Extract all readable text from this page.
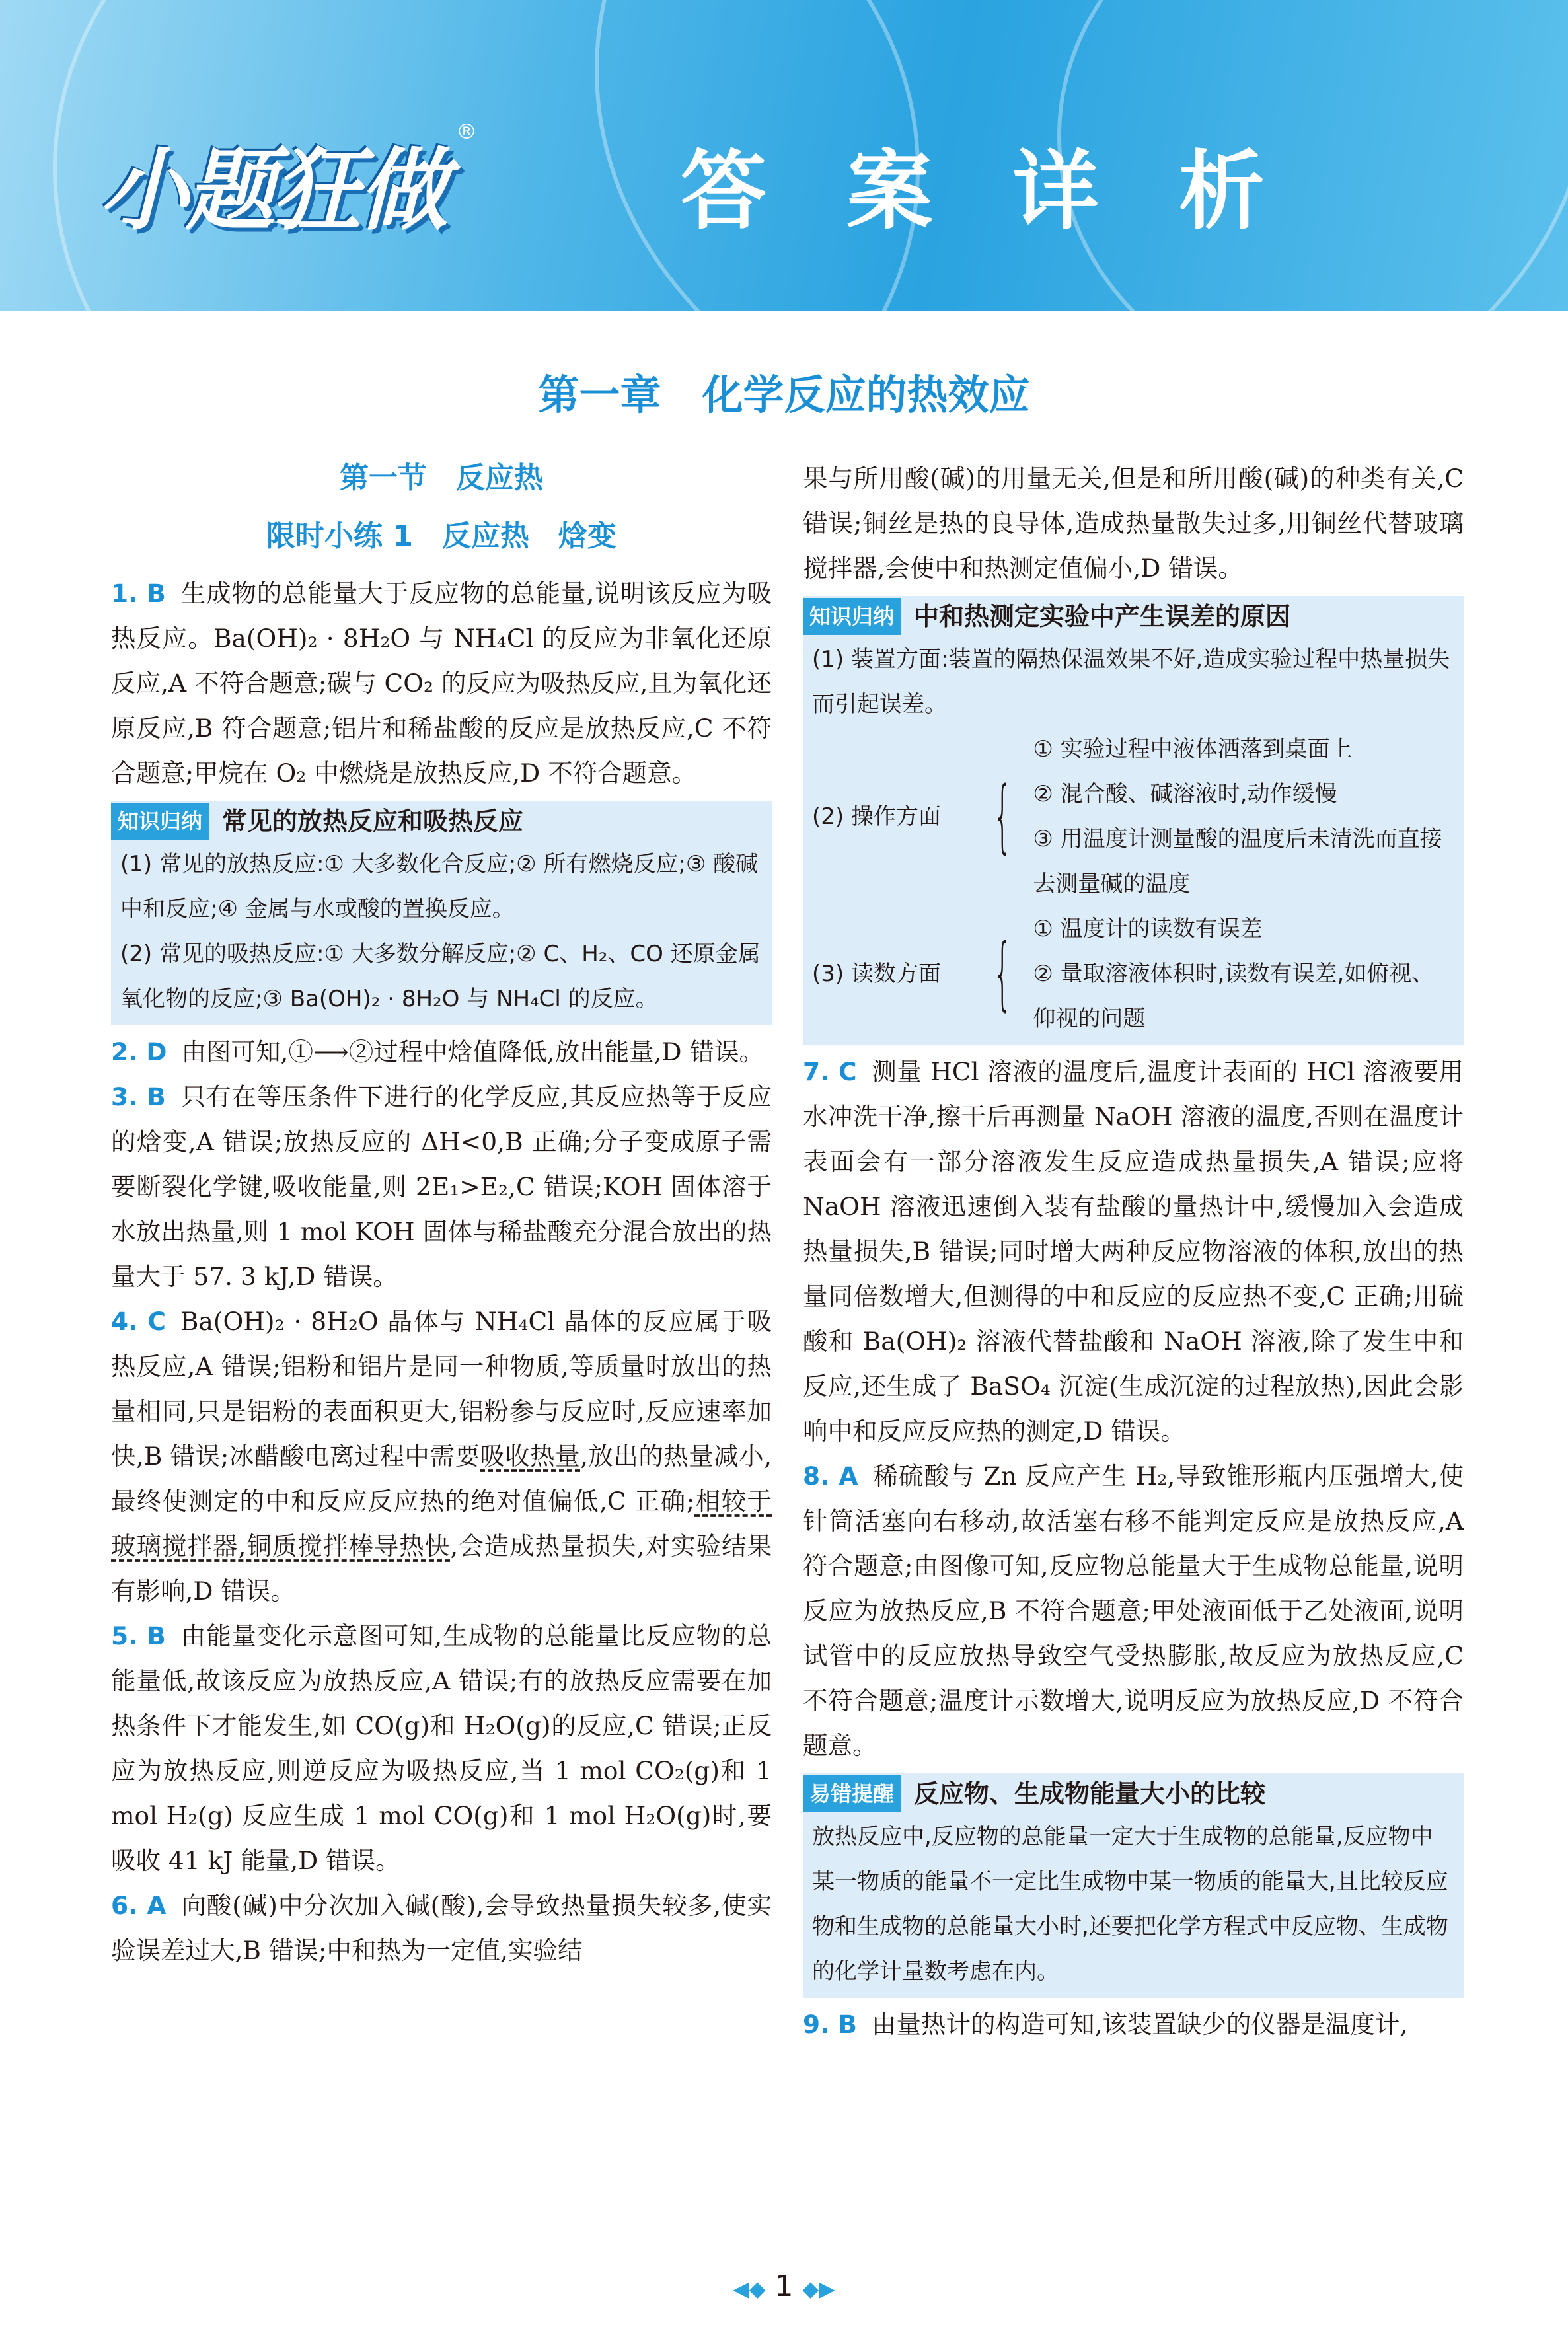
小题狂做
®
答 案 详 析
第一章　化学反应的热效应
第一节　反应热
限时小练 1　反应热　焓变

1. B 生成物的总能量大于反应物的总能量,说明该反应为吸热反应。Ba(OH)₂ · 8H₂O 与 NH₄Cl 的反应为非氧化还原反应,A 不符合题意;碳与 CO₂ 的反应为吸热反应,且为氧化还原反应,B 符合题意;铝片和稀盐酸的反应是放热反应,C 不符合题意;甲烷在 O₂ 中燃烧是放热反应,D 不符合题意。

知识归纳 常见的放热反应和吸热反应
(1) 常见的放热反应:① 大多数化合反应;② 所有燃烧反应;③ 酸碱中和反应;④ 金属与水或酸的置换反应。
(2) 常见的吸热反应:① 大多数分解反应;② C、H₂、CO 还原金属氧化物的反应;③ Ba(OH)₂ · 8H₂O 与 NH₄Cl 的反应。

2. D 由图可知,①⟶②过程中焓值降低,放出能量,D 错误。

3. B 只有在等压条件下进行的化学反应,其反应热等于反应的焓变,A 错误;放热反应的 ΔH<0,B 正确;分子变成原子需要断裂化学键,吸收能量,则 2E₁>E₂,C 错误;KOH 固体溶于水放出热量,则 1 mol KOH 固体与稀盐酸充分混合放出的热量大于 57. 3 kJ,D 错误。

4. C Ba(OH)₂ · 8H₂O 晶体与 NH₄Cl 晶体的反应属于吸热反应,A 错误;铝粉和铝片是同一种物质,等质量时放出的热量相同,只是铝粉的表面积更大,铝粉参与反应时,反应速率加快,B 错误;冰醋酸电离过程中需要吸收热量,放出的热量减小,最终使测定的中和反应反应热的绝对值偏低,C 正确;相较于玻璃搅拌器,铜质搅拌棒导热快,会造成热量损失,对实验结果有影响,D 错误。

5. B 由能量变化示意图可知,生成物的总能量比反应物的总能量低,故该反应为放热反应,A 错误;有的放热反应需要在加热条件下才能发生,如 CO(g)和 H₂O(g)的反应,C 错误;正反应为放热反应,则逆反应为吸热反应,当 1 mol CO₂(g)和 1 mol H₂(g) 反应生成 1 mol CO(g)和 1 mol H₂O(g)时,要吸收 41 kJ 能量,D 错误。

6. A 向酸(碱)中分次加入碱(酸),会导致热量损失较多,使实验误差过大,B 错误;中和热为一定值,实验结

果与所用酸(碱)的用量无关,但是和所用酸(碱)的种类有关,C 错误;铜丝是热的良导体,造成热量散失过多,用铜丝代替玻璃搅拌器,会使中和热测定值偏小,D 错误。

知识归纳 中和热测定实验中产生误差的原因
(1) 装置方面:装置的隔热保温效果不好,造成实验过程中热量损失而引起误差。
(2) 操作方面 {
① 实验过程中液体洒落到桌面上
② 混合酸、碱溶液时,动作缓慢
③ 用温度计测量酸的温度后未清洗而直接去测量碱的温度
(3) 读数方面 { ① 温度计的读数有误差
② 量取溶液体积时,读数有误差,如俯视、仰视的问题

7. C 测量 HCl 溶液的温度后,温度计表面的 HCl 溶液要用水冲洗干净,擦干后再测量 NaOH 溶液的温度,否则在温度计表面会有一部分溶液发生反应造成热量损失,A 错误;应将 NaOH 溶液迅速倒入装有盐酸的量热计中,缓慢加入会造成热量损失,B 错误;同时增大两种反应物溶液的体积,放出的热量同倍数增大,但测得的中和反应的反应热不变,C 正确;用硫酸和 Ba(OH)₂ 溶液代替盐酸和 NaOH 溶液,除了发生中和反应,还生成了 BaSO₄ 沉淀(生成沉淀的过程放热),因此会影响中和反应反应热的测定,D 错误。

8. A 稀硫酸与 Zn 反应产生 H₂,导致锥形瓶内压强增大,使针筒活塞向右移动,故活塞右移不能判定反应是放热反应,A 符合题意;由图像可知,反应物总能量大于生成物总能量,说明反应为放热反应,B 不符合题意;甲处液面低于乙处液面,说明试管中的反应放热导致空气受热膨胀,故反应为放热反应,C 不符合题意;温度计示数增大,说明反应为放热反应,D 不符合题意。

易错提醒 反应物、生成物能量大小的比较
放热反应中,反应物的总能量一定大于生成物的总能量,反应物中某一物质的能量不一定比生成物中某一物质的能量大,且比较反应物和生成物的总能量大小时,还要把化学方程式中反应物、生成物的化学计量数考虑在内。

9. B 由量热计的构造可知,该装置缺少的仪器是温度计,

◀◆ 1 ◆▶
